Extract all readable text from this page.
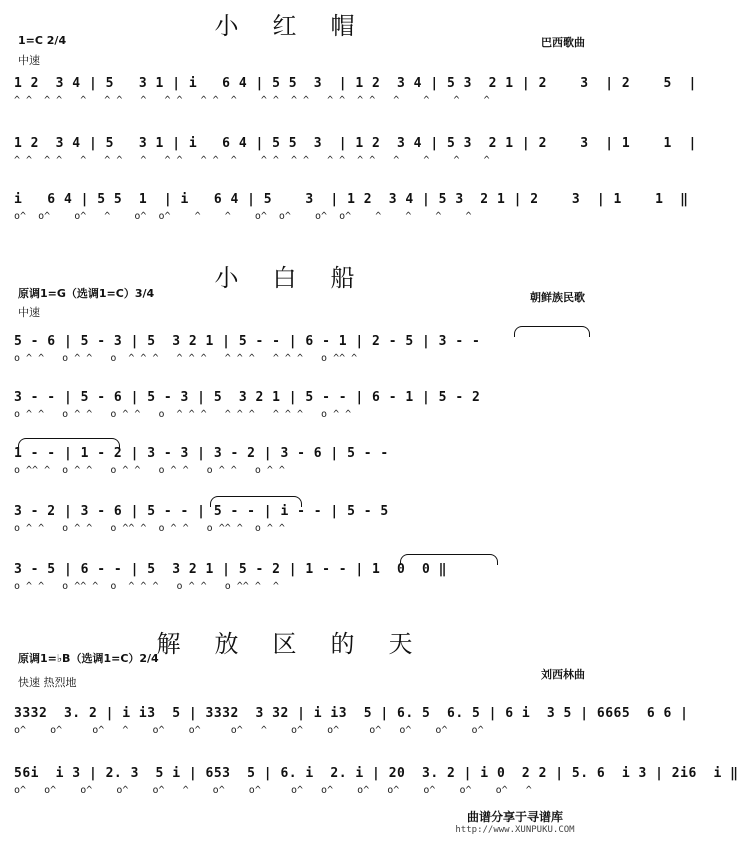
小红帽
1=C 2/4
中速
巴西歌曲
1 2  3 4 | 5   3 1 | i   6 4 | 5 5  3  | 1 2  3 4 | 5 3  2 1 | 2    3  | 2    5  |
^ ^  ^ ^   ^   ^ ^   ^   ^ ^   ^ ^  ^    ^ ^  ^ ^   ^ ^  ^ ^   ^    ^    ^    ^
1 2  3 4 | 5   3 1 | i   6 4 | 5 5  3  | 1 2  3 4 | 5 3  2 1 | 2    3  | 1    1  |
^ ^  ^ ^   ^   ^ ^   ^   ^ ^   ^ ^  ^    ^ ^  ^ ^   ^ ^  ^ ^   ^    ^    ^    ^
i   6 4 | 5 5  1  | i   6 4 | 5    3  | 1 2  3 4 | 5 3  2 1 | 2    3  | 1    1  ‖
o^  o^    o^   ^    o^  o^    ^    ^    o^  o^    o^  o^    ^    ^    ^    ^
小白船
原调1=G（选调1=C）3/4
中速
朝鲜族民歌
5 - 6 | 5 - 3 | 5  3 2 1 | 5 - - | 6 - 1 | 2 - 5 | 3 - -
o ^ ^   o ^ ^   o  ^ ^ ^   ^ ^ ^   ^ ^ ^   ^ ^ ^   o ^^ ^
3 - - | 5 - 6 | 5 - 3 | 5  3 2 1 | 5 - - | 6 - 1 | 5 - 2
o ^ ^   o ^ ^   o ^ ^   o  ^ ^ ^   ^ ^ ^   ^ ^ ^   o ^ ^
1 - - | 1 - 2 | 3 - 3 | 3 - 2 | 3 - 6 | 5 - -
o ^^ ^  o ^ ^   o ^ ^   o ^ ^   o ^ ^   o ^ ^
3 - 2 | 3 - 6 | 5 - - | 5 - - | i - - | 5 - 5
o ^ ^   o ^ ^   o ^^ ^  o ^ ^   o ^^ ^  o ^ ^
3 - 5 | 6 - - | 5  3 2 1 | 5 - 2 | 1 - - | 1  0  0 ‖
o ^ ^   o ^^ ^  o  ^ ^ ^   o ^ ^   o ^^ ^  ^
解放区的天
原调1=♭B（选调1=C）2/4
快速 热烈地
刘西林曲
3332  3. 2 | i i3  5 | 3332  3 32 | i i3  5 | 6. 5  6. 5 | 6 i  3 5 | 6665  6 6 |
o^    o^     o^   ^    o^    o^     o^   ^    o^    o^     o^   o^    o^    o^
56i  i 3 | 2. 3  5 i | 653  5 | 6. i  2. i | 20  3. 2 | i 0  2 2 | 5. 6  i 3 | 2i6  i ‖
o^   o^    o^    o^    o^   ^    o^    o^     o^   o^    o^   o^    o^    o^    o^   ^
曲谱分享于寻谱库
http://www.XUNPUKU.COM
